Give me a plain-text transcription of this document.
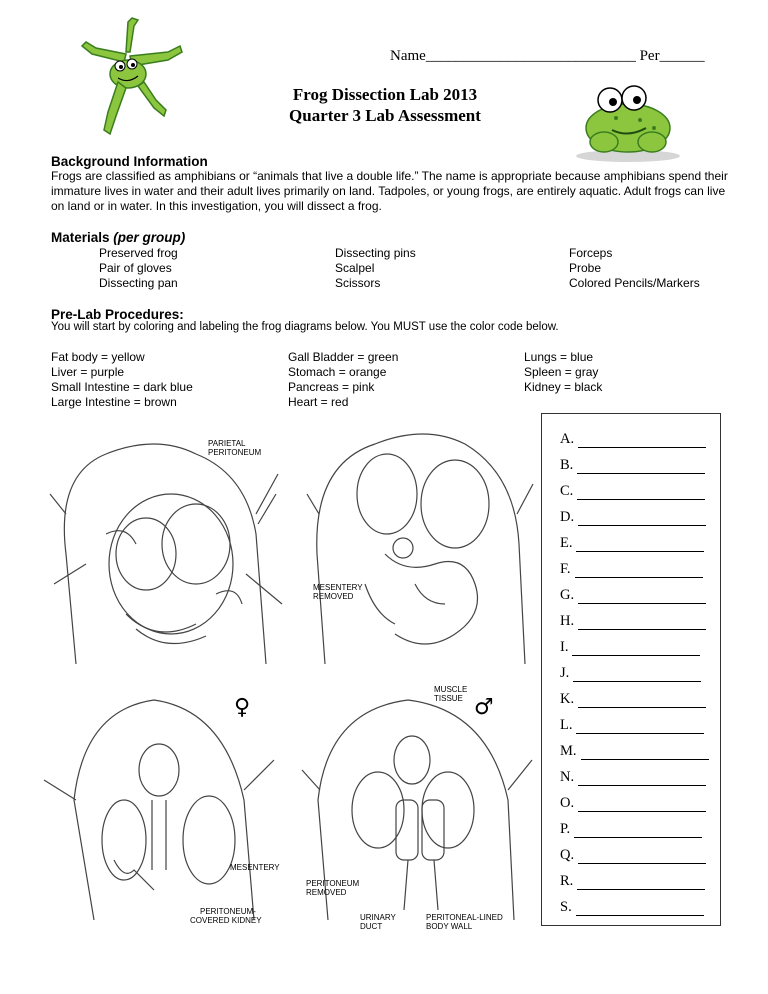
Name____________________________ Per______
Frog Dissection Lab 2013
Quarter 3 Lab Assessment
Background Information
Frogs are classified as amphibians or “animals that live a double life.” The name is appropriate because amphibians spend their immature lives in water and their adult lives primarily on land. Tadpoles, or young frogs, are entirely aquatic. Adult frogs can live on land or in water. In this investigation, you will dissect a frog.
Materials (per group)
Preserved frog
Pair of gloves
Dissecting pan
Dissecting pins
Scalpel
Scissors
Forceps
Probe
Colored Pencils/Markers
Pre-Lab Procedures:
You will start by coloring and labeling the frog diagrams below. You MUST use the color code below.
Fat body = yellow
Liver = purple
Small Intestine = dark blue
Large Intestine = brown
Gall Bladder = green
Stomach = orange
Pancreas = pink
Heart = red
Lungs = blue
Spleen = gray
Kidney = black
PARIETAL
PERITONEUM
MESENTERY
REMOVED
♀
MESENTERY
PERITONEUM-
COVERED KIDNEY
MUSCLE
TISSUE ♂
PERITONEUM
REMOVED
URINARY
DUCT
PERITONEAL-LINED
BODY WALL
A.
B.
C.
D.
E.
F.
G.
H.
I.
J.
K.
L.
M.
N.
O.
P.
Q.
R.
S.
